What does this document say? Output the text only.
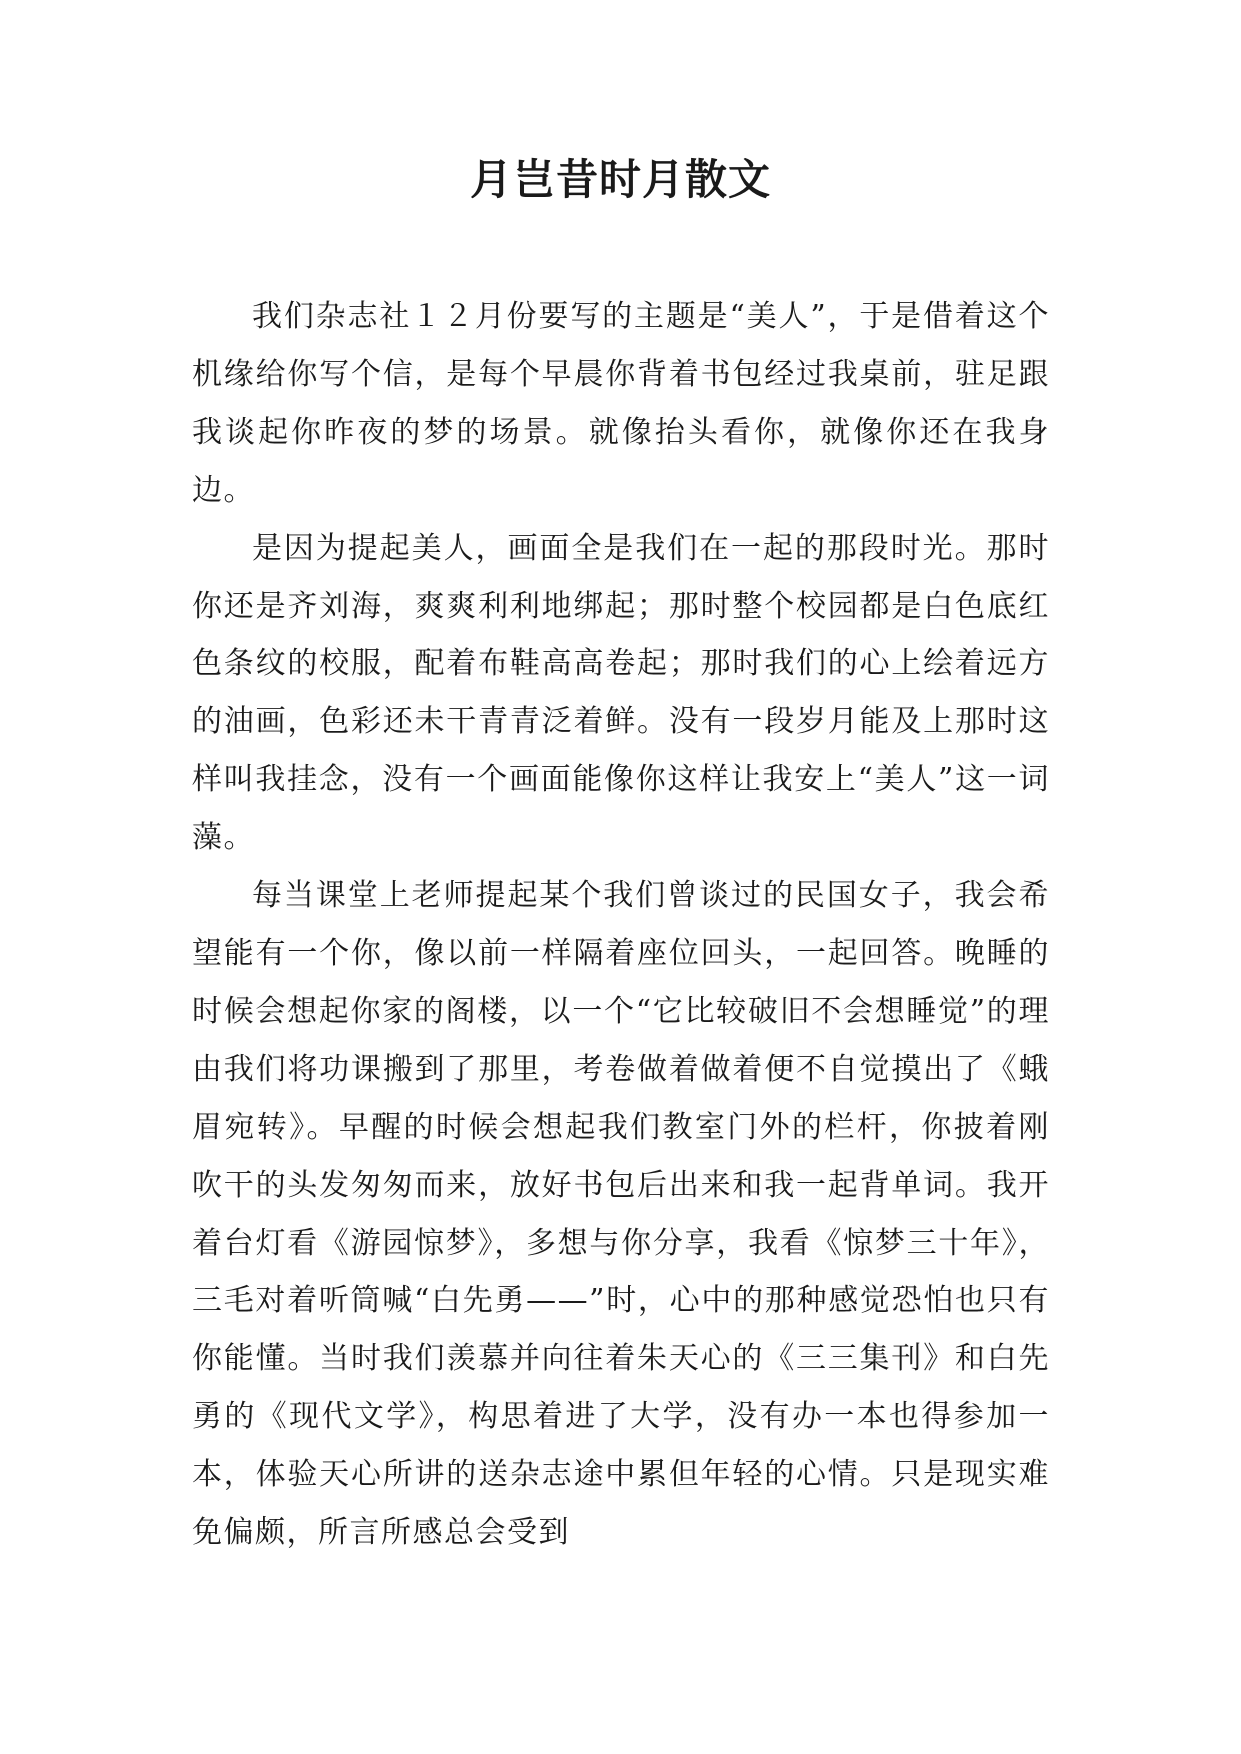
月岂昔时月散文

我们杂志社１２月份要写的主题是“美人”，于是借着这个机缘给你写个信，是每个早晨你背着书包经过我桌前，驻足跟我谈起你昨夜的梦的场景。就像抬头看你，就像你还在我身边。

是因为提起美人，画面全是我们在一起的那段时光。那时你还是齐刘海，爽爽利利地绑起；那时整个校园都是白色底红色条纹的校服，配着布鞋高高卷起；那时我们的心上绘着远方的油画，色彩还未干青青泛着鲜。没有一段岁月能及上那时这样叫我挂念，没有一个画面能像你这样让我安上“美人”这一词藻。

每当课堂上老师提起某个我们曾谈过的民国女子，我会希望能有一个你，像以前一样隔着座位回头，一起回答。晚睡的时候会想起你家的阁楼，以一个“它比较破旧不会想睡觉”的理由我们将功课搬到了那里，考卷做着做着便不自觉摸出了《蛾眉宛转》。早醒的时候会想起我们教室门外的栏杆，你披着刚吹干的头发匆匆而来，放好书包后出来和我一起背单词。我开着台灯看《游园惊梦》，多想与你分享，我看《惊梦三十年》，三毛对着听筒喊“白先勇——”时，心中的那种感觉恐怕也只有你能懂。当时我们羡慕并向往着朱天心的《三三集刊》和白先勇的《现代文学》，构思着进了大学，没有办一本也得参加一本，体验天心所讲的送杂志途中累但年轻的心情。只是现实难免偏颇，所言所感总会受到
